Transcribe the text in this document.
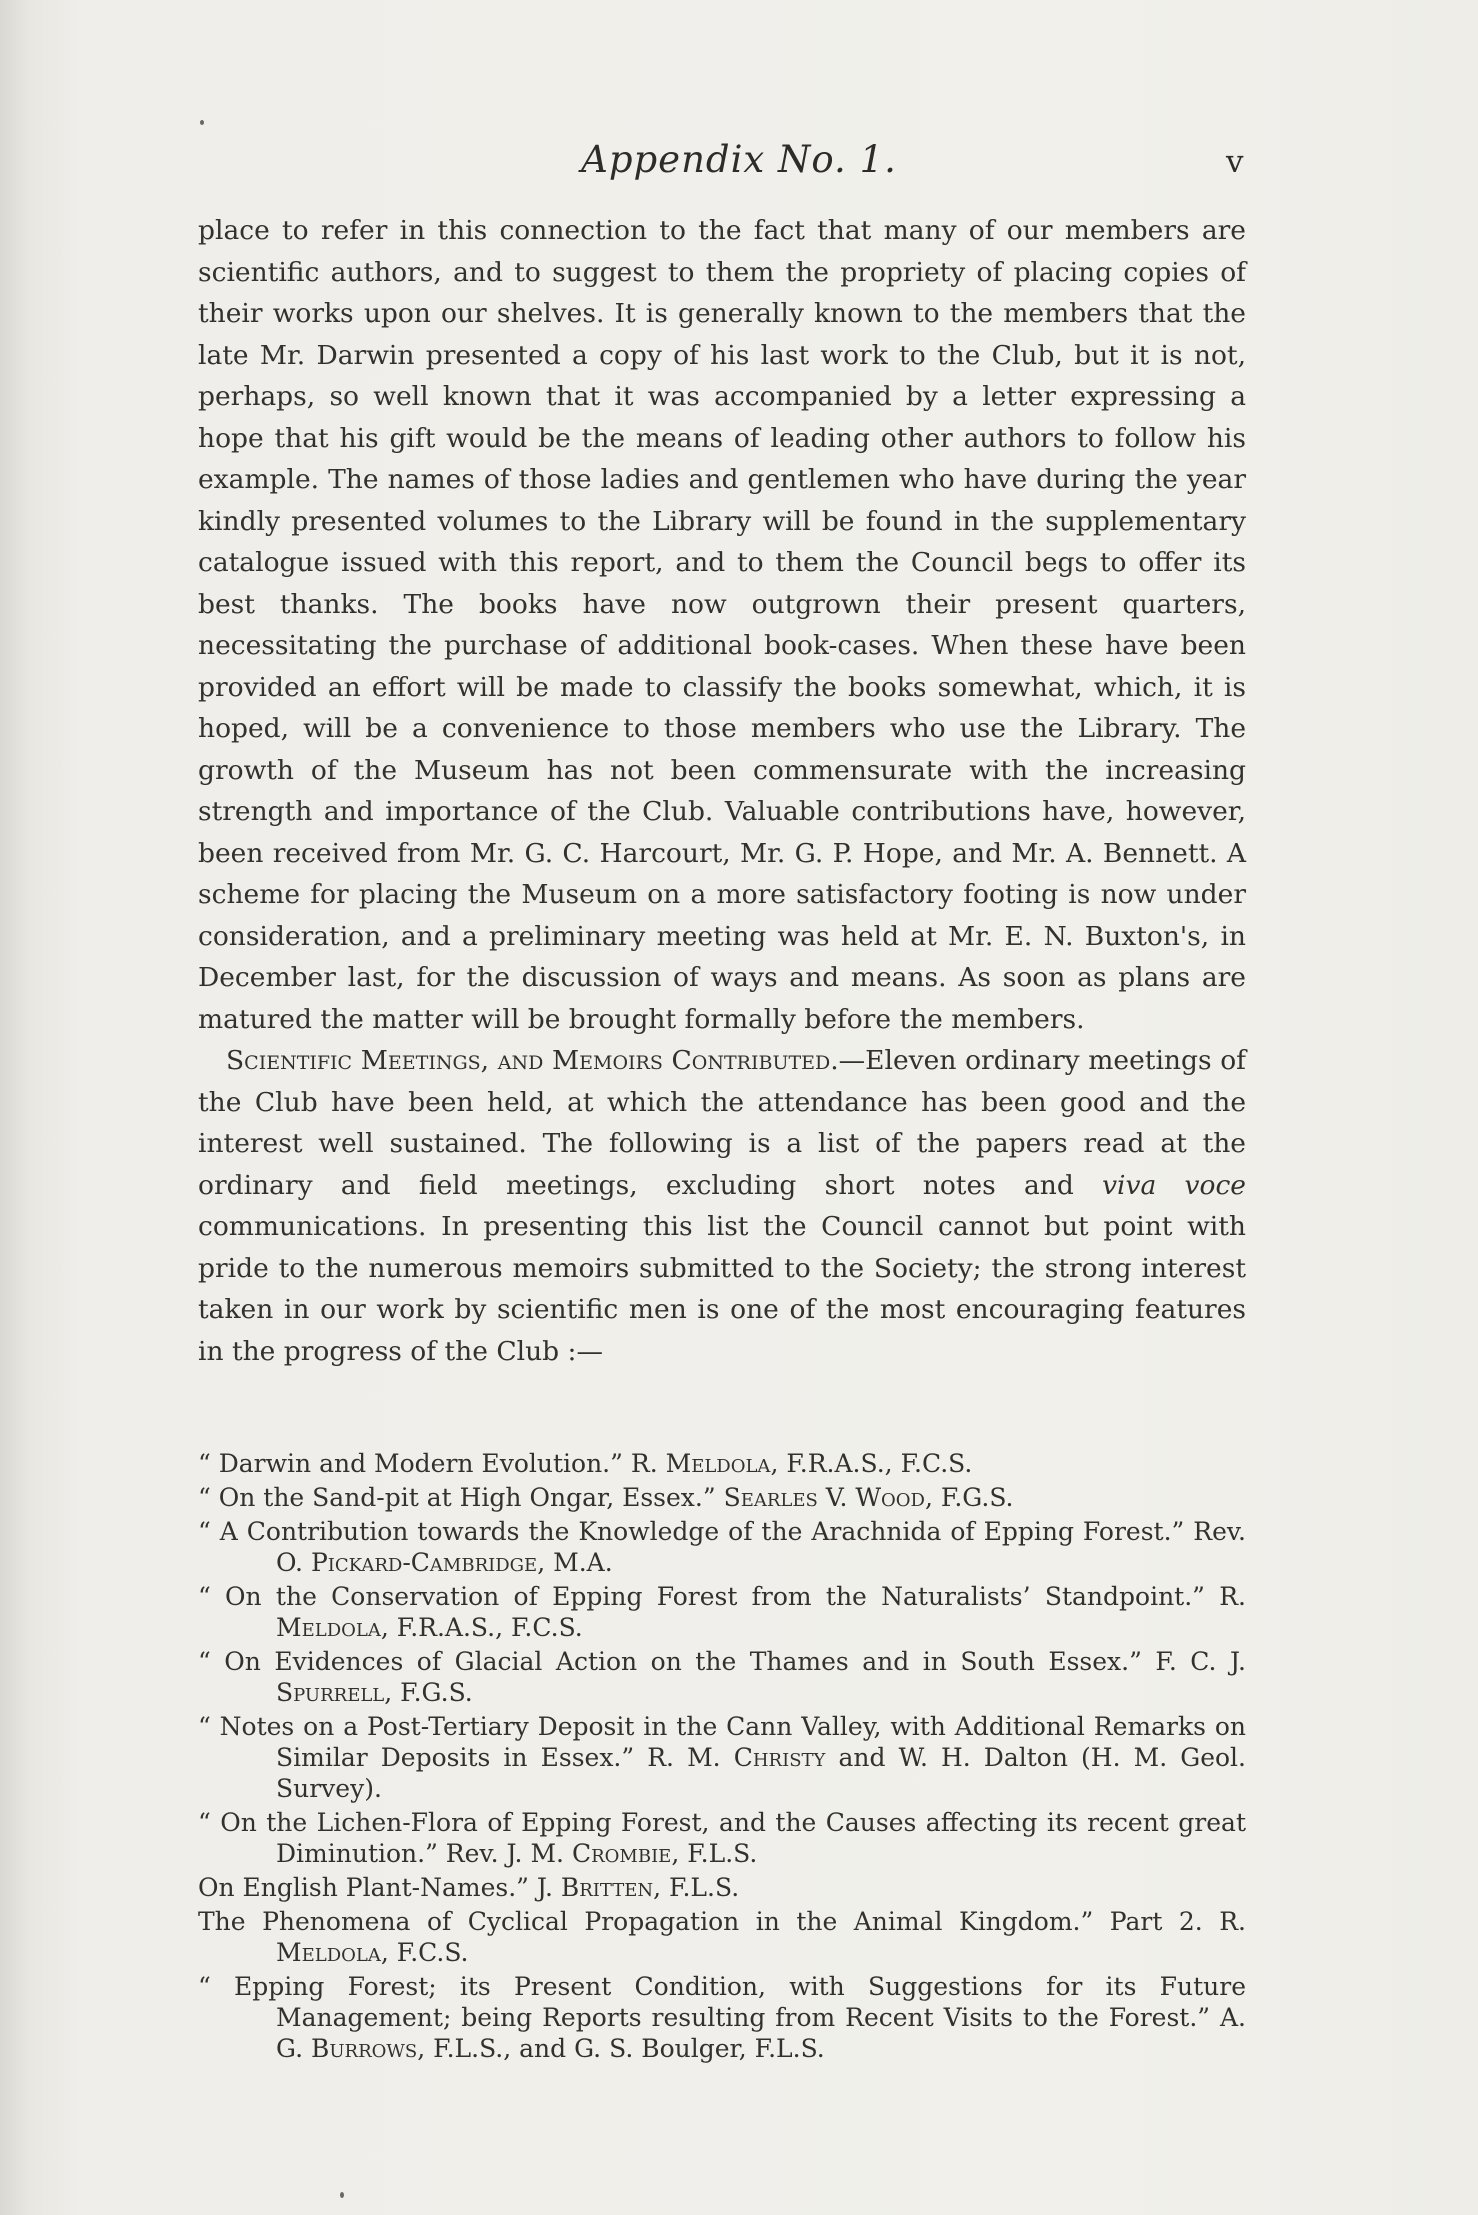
Appendix No. 1.	v

place to refer in this connection to the fact that many of our members are scientific authors, and to suggest to them the propriety of placing copies of their works upon our shelves. It is generally known to the members that the late Mr. Darwin presented a copy of his last work to the Club, but it is not, perhaps, so well known that it was accompanied by a letter expressing a hope that his gift would be the means of leading other authors to follow his example. The names of those ladies and gentlemen who have during the year kindly presented volumes to the Library will be found in the supplementary catalogue issued with this report, and to them the Council begs to offer its best thanks. The books have now outgrown their present quarters, necessitating the purchase of additional book-cases. When these have been provided an effort will be made to classify the books somewhat, which, it is hoped, will be a convenience to those members who use the Library. The growth of the Museum has not been commensurate with the increasing strength and importance of the Club. Valuable contributions have, however, been received from Mr. G. C. Harcourt, Mr. G. P. Hope, and Mr. A. Bennett. A scheme for placing the Museum on a more satisfactory footing is now under consideration, and a preliminary meeting was held at Mr. E. N. Buxton's, in December last, for the discussion of ways and means. As soon as plans are matured the matter will be brought formally before the members.

Scientific Meetings, and Memoirs Contributed.—Eleven ordinary meetings of the Club have been held, at which the attendance has been good and the interest well sustained. The following is a list of the papers read at the ordinary and field meetings, excluding short notes and viva voce communications. In presenting this list the Council cannot but point with pride to the numerous memoirs submitted to the Society; the strong interest taken in our work by scientific men is one of the most encouraging features in the progress of the Club :—

“ Darwin and Modern Evolution.” R. Meldola, F.R.A.S., F.C.S.
“ On the Sand-pit at High Ongar, Essex.” Searles V. Wood, F.G.S.
“ A Contribution towards the Knowledge of the Arachnida of Epping Forest.” Rev. O. Pickard-Cambridge, M.A.
“ On the Conservation of Epping Forest from the Naturalists’ Standpoint.” R. Meldola, F.R.A.S., F.C.S.
“ On Evidences of Glacial Action on the Thames and in South Essex.” F. C. J. Spurrell, F.G.S.
“ Notes on a Post-Tertiary Deposit in the Cann Valley, with Additional Remarks on Similar Deposits in Essex.” R. M. Christy and W. H. Dalton (H. M. Geol. Survey).
“ On the Lichen-Flora of Epping Forest, and the Causes affecting its recent great Diminution.” Rev. J. M. Crombie, F.L.S.
On English Plant-Names.” J. Britten, F.L.S.
The Phenomena of Cyclical Propagation in the Animal Kingdom.” Part 2. R. Meldola, F.C.S.
“ Epping Forest; its Present Condition, with Suggestions for its Future Management; being Reports resulting from Recent Visits to the Forest.” A. G. Burrows, F.L.S., and G. S. Boulger, F.L.S.
